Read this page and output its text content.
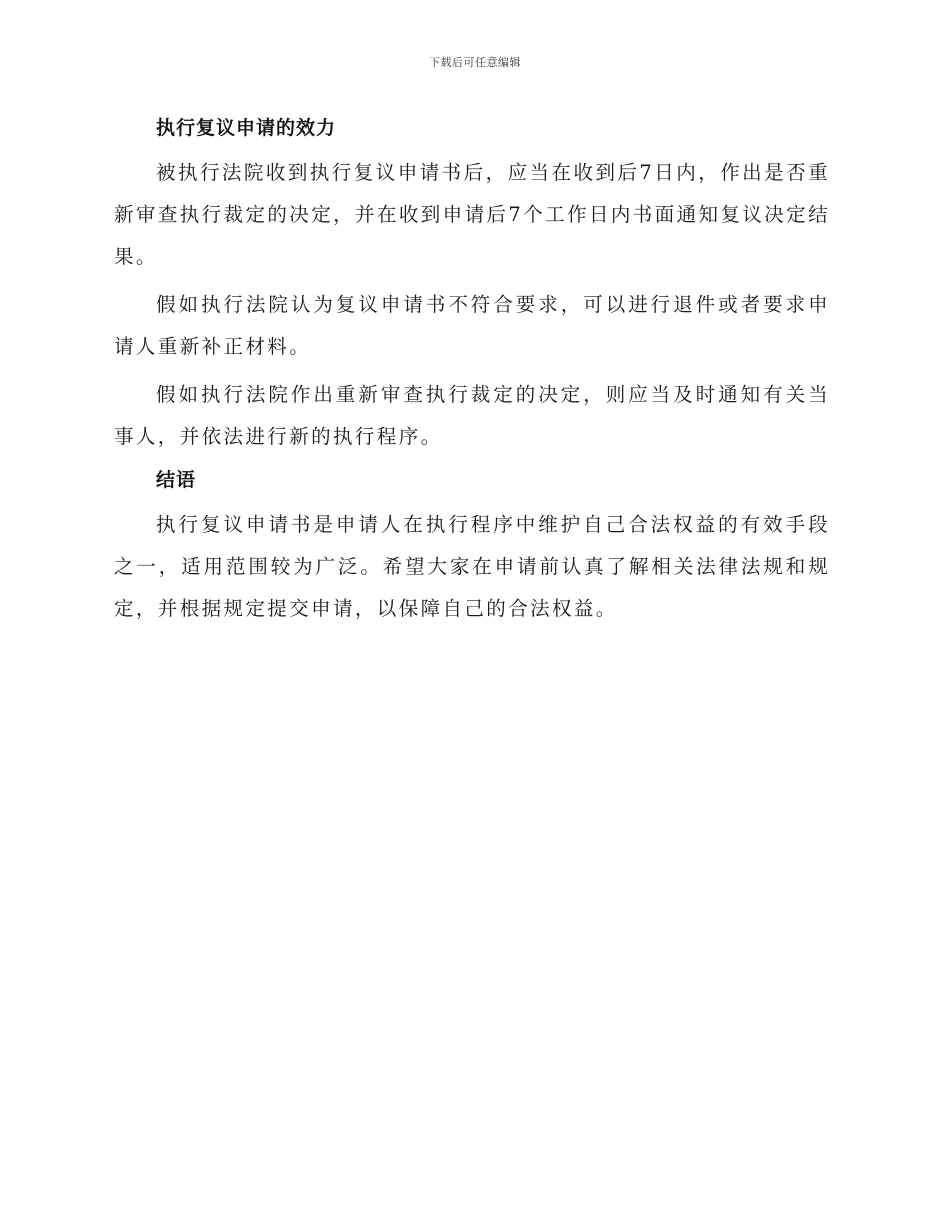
下载后可任意编辑
执行复议申请的效力

被执行法院收到执行复议申请书后，应当在收到后7日内，作出是否重新审查执行裁定的决定，并在收到申请后7个工作日内书面通知复议决定结果。

假如执行法院认为复议申请书不符合要求，可以进行退件或者要求申请人重新补正材料。

假如执行法院作出重新审查执行裁定的决定，则应当及时通知有关当事人，并依法进行新的执行程序。

结语

执行复议申请书是申请人在执行程序中维护自己合法权益的有效手段之一，适用范围较为广泛。希望大家在申请前认真了解相关法律法规和规定，并根据规定提交申请，以保障自己的合法权益。
